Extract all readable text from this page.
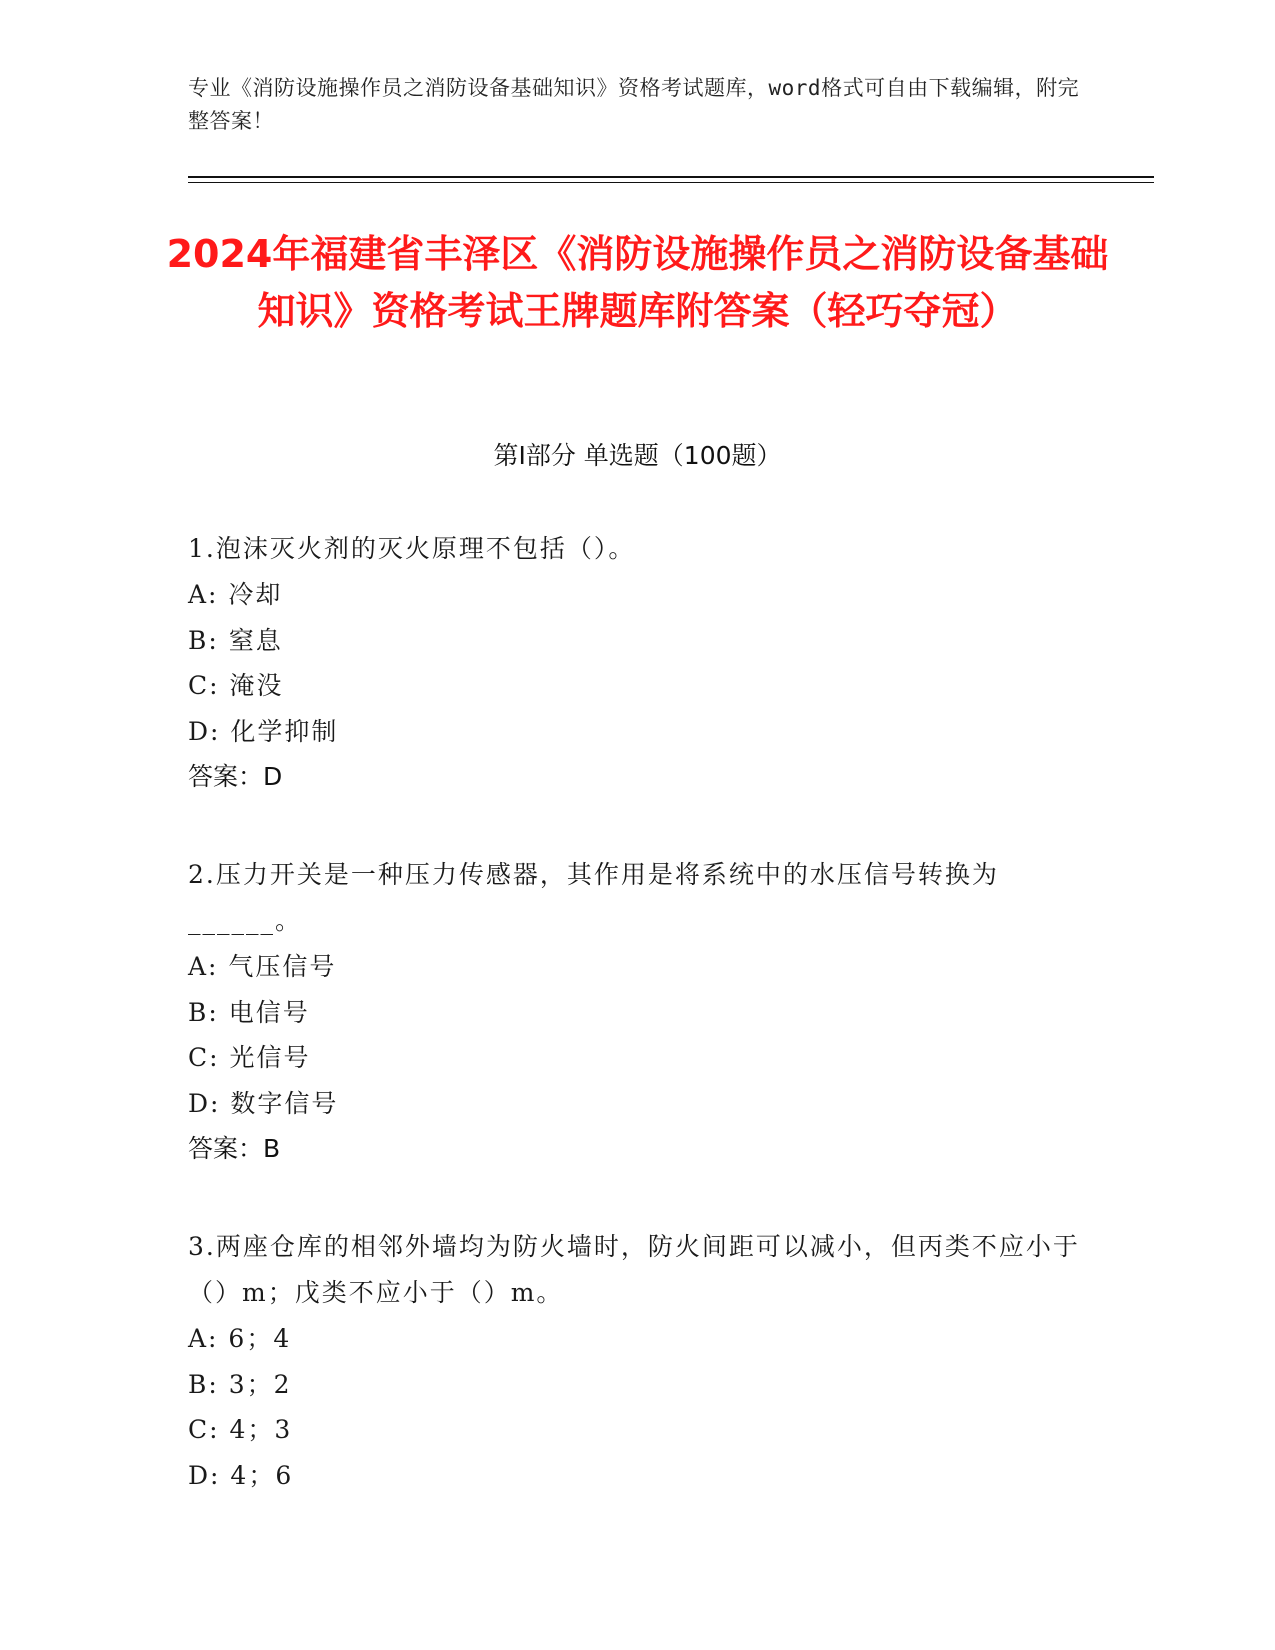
专业《消防设施操作员之消防设备基础知识》资格考试题库，word格式可自由下载编辑，附完整答案！
2024年福建省丰泽区《消防设施操作员之消防设备基础知识》资格考试王牌题库附答案（轻巧夺冠）
第I部分 单选题（100题）
1.泡沫灭火剂的灭火原理不包括（）。
A: 冷却
B: 窒息
C: 淹没
D: 化学抑制
答案：D
2.压力开关是一种压力传感器，其作用是将系统中的水压信号转换为______。
A: 气压信号
B: 电信号
C: 光信号
D: 数字信号
答案：B
3.两座仓库的相邻外墙均为防火墙时，防火间距可以减小，但丙类不应小于（）m；戊类不应小于（）m。
A: 6；4
B: 3；2
C: 4；3
D: 4；6
